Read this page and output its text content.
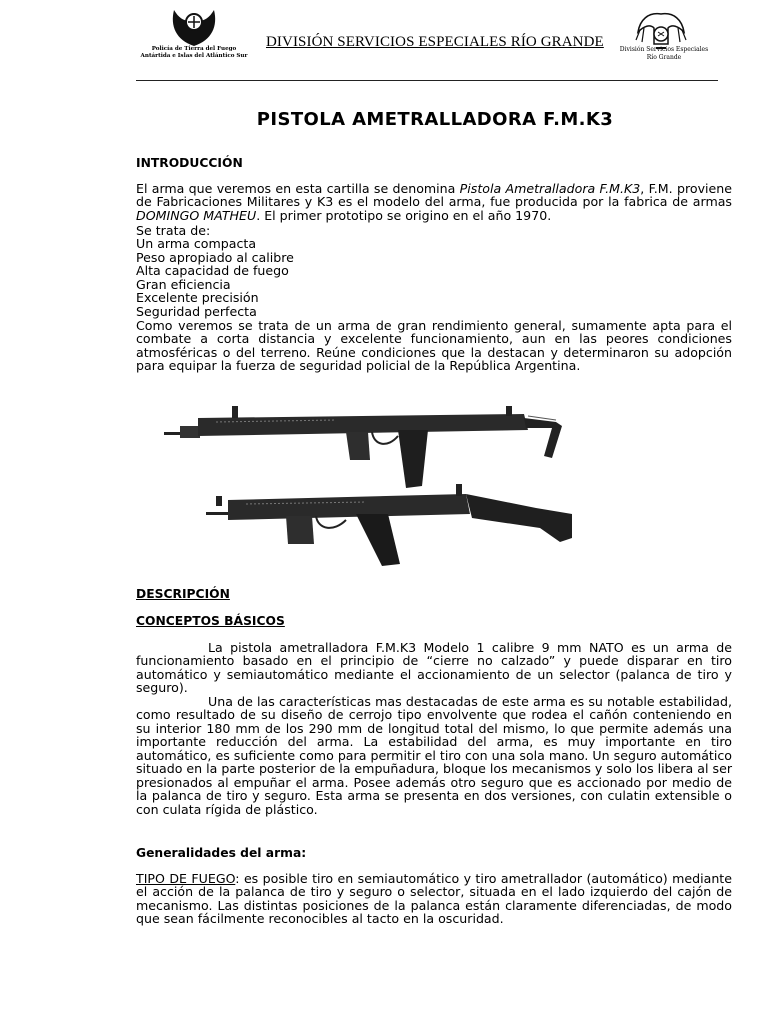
Policía de Tierra del Fuego
Antártida e Islas del Atlántico Sur
DIVISIÓN SERVICIOS ESPECIALES RÍO GRANDE	División Servicios Especiales
Río Grande
PISTOLA AMETRALLADORA F.M.K3
INTRODUCCIÓN
El arma que veremos en esta cartilla se denomina Pistola Ametralladora F.M.K3, F.M. proviene de Fabricaciones Militares y K3 es el modelo del arma, fue producida por la fabrica de armas DOMINGO MATHEU. El primer prototipo se origino en el año 1970.
Se trata de:
Un arma compacta
Peso apropiado al calibre
Alta capacidad de fuego
Gran eficiencia
Excelente precisión
Seguridad perfecta
Como veremos se trata de un arma de gran rendimiento general, sumamente apta para el combate a corta distancia y excelente funcionamiento, aun en las peores condiciones atmosféricas o del terreno. Reúne condiciones que la destacan y determinaron su adopción para equipar la fuerza de seguridad policial de la República Argentina.
DESCRIPCIÓN
CONCEPTOS BÁSICOS
La pistola ametralladora F.M.K3 Modelo 1 calibre 9 mm NATO es un arma de funcionamiento basado en el principio de “cierre no calzado” y puede disparar en tiro automático y semiautomático mediante el accionamiento de un selector (palanca de tiro y seguro).
Una de las características mas destacadas de este arma es su notable estabilidad, como resultado de su diseño de cerrojo tipo envolvente que rodea el cañón conteniendo en su interior 180 mm de los 290 mm de longitud total del mismo, lo que permite además una importante reducción del arma. La estabilidad del arma, es muy importante en tiro automático, es suficiente como para permitir el tiro con una sola mano. Un seguro automático situado en la parte posterior de la empuñadura, bloque los mecanismos y solo los libera al ser presionados al empuñar el arma. Posee además otro seguro que es accionado por medio de la palanca de tiro y seguro. Esta arma se presenta en dos versiones, con culatin extensible o con culata rígida de plástico.
Generalidades del arma:
TIPO DE FUEGO: es posible tiro en semiautomático y tiro ametrallador (automático) mediante el acción de la palanca de tiro y seguro o selector, situada en el lado izquierdo del cajón de mecanismo. Las distintas posiciones de la palanca están claramente diferenciadas, de modo que sean fácilmente reconocibles al tacto en la oscuridad.
